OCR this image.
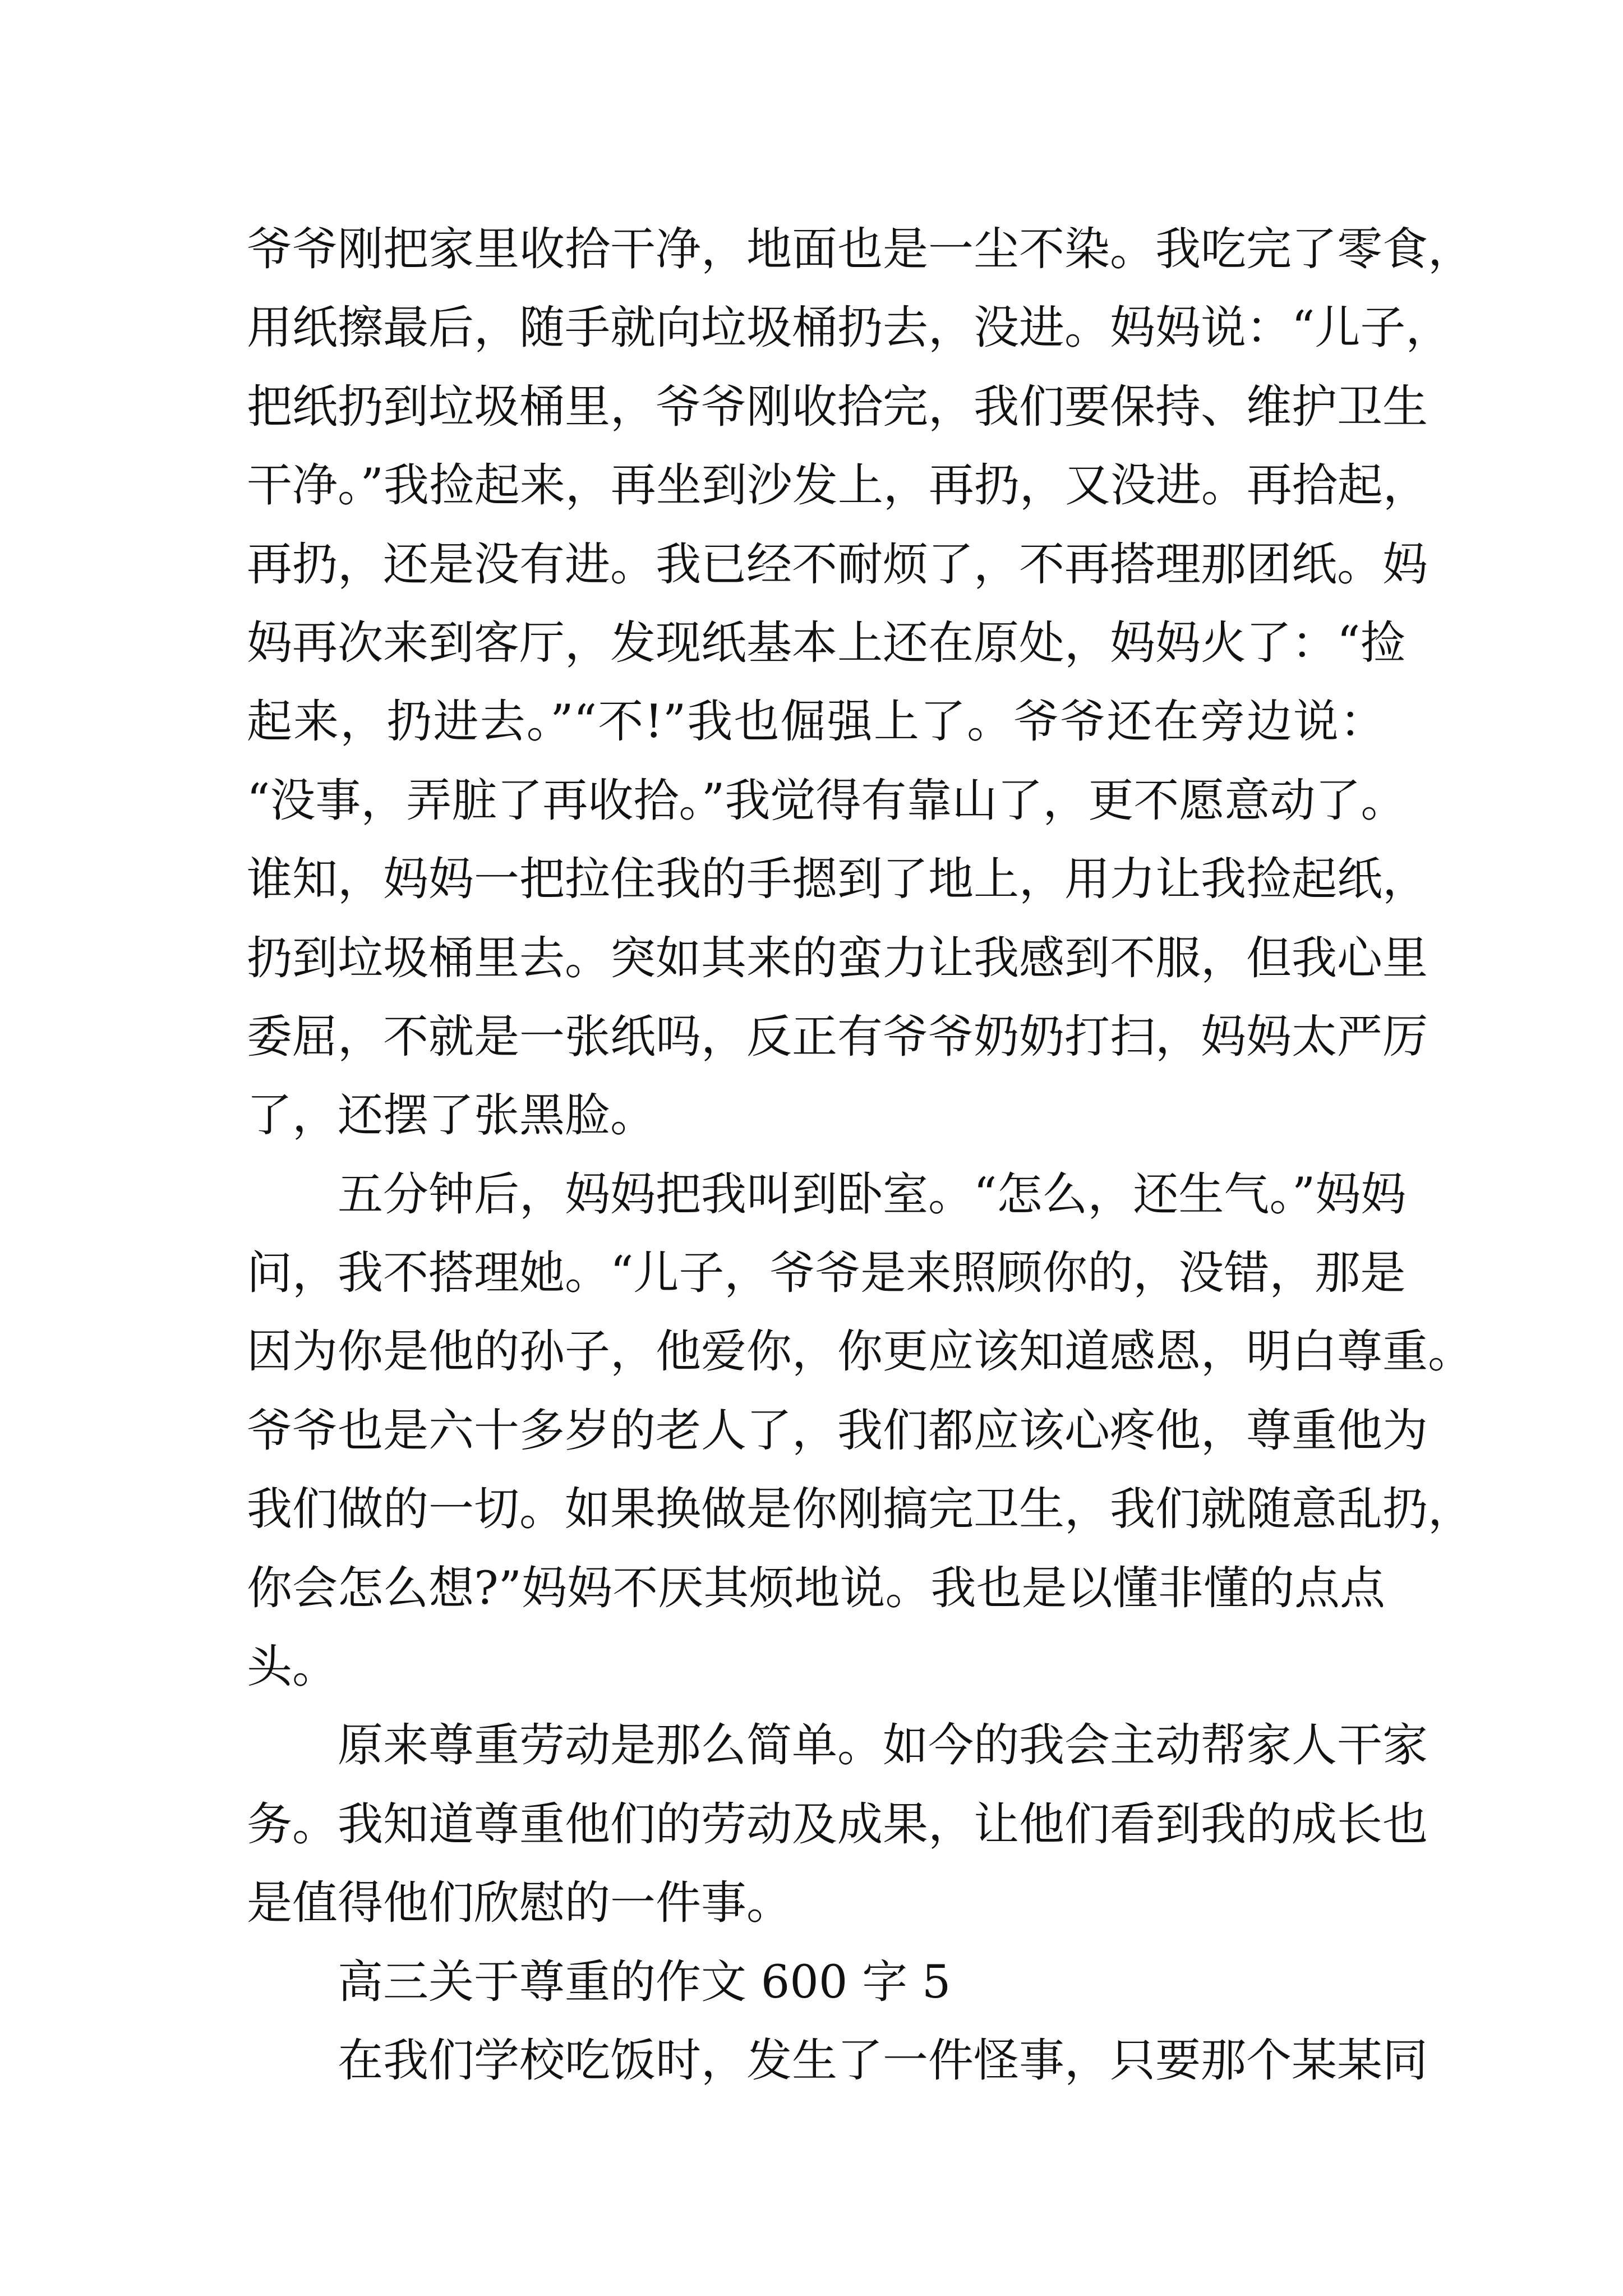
爷爷刚把家里收拾干净，地面也是一尘不染。我吃完了零食，
用纸擦最后，随手就向垃圾桶扔去，没进。妈妈说：“儿子，
把纸扔到垃圾桶里，爷爷刚收拾完，我们要保持、维护卫生
干净。”我捡起来，再坐到沙发上，再扔，又没进。再拾起，
再扔，还是没有进。我已经不耐烦了，不再搭理那团纸。妈
妈再次来到客厅，发现纸基本上还在原处，妈妈火了：“捡
起来，扔进去。”“不!”我也倔强上了。爷爷还在旁边说：
“没事，弄脏了再收拾。”我觉得有靠山了，更不愿意动了。
谁知，妈妈一把拉住我的手摁到了地上，用力让我捡起纸，
扔到垃圾桶里去。突如其来的蛮力让我感到不服，但我心里
委屈，不就是一张纸吗，反正有爷爷奶奶打扫，妈妈太严厉
了，还摆了张黑脸。
五分钟后，妈妈把我叫到卧室。“怎么，还生气。”妈妈
问，我不搭理她。“儿子，爷爷是来照顾你的，没错，那是
因为你是他的孙子，他爱你，你更应该知道感恩，明白尊重。
爷爷也是六十多岁的老人了，我们都应该心疼他，尊重他为
我们做的一切。如果换做是你刚搞完卫生，我们就随意乱扔，
你会怎么想?”妈妈不厌其烦地说。我也是以懂非懂的点点
头。
原来尊重劳动是那么简单。如今的我会主动帮家人干家
务。我知道尊重他们的劳动及成果，让他们看到我的成长也
是值得他们欣慰的一件事。
高三关于尊重的作文 600 字 5
在我们学校吃饭时，发生了一件怪事，只要那个某某同
